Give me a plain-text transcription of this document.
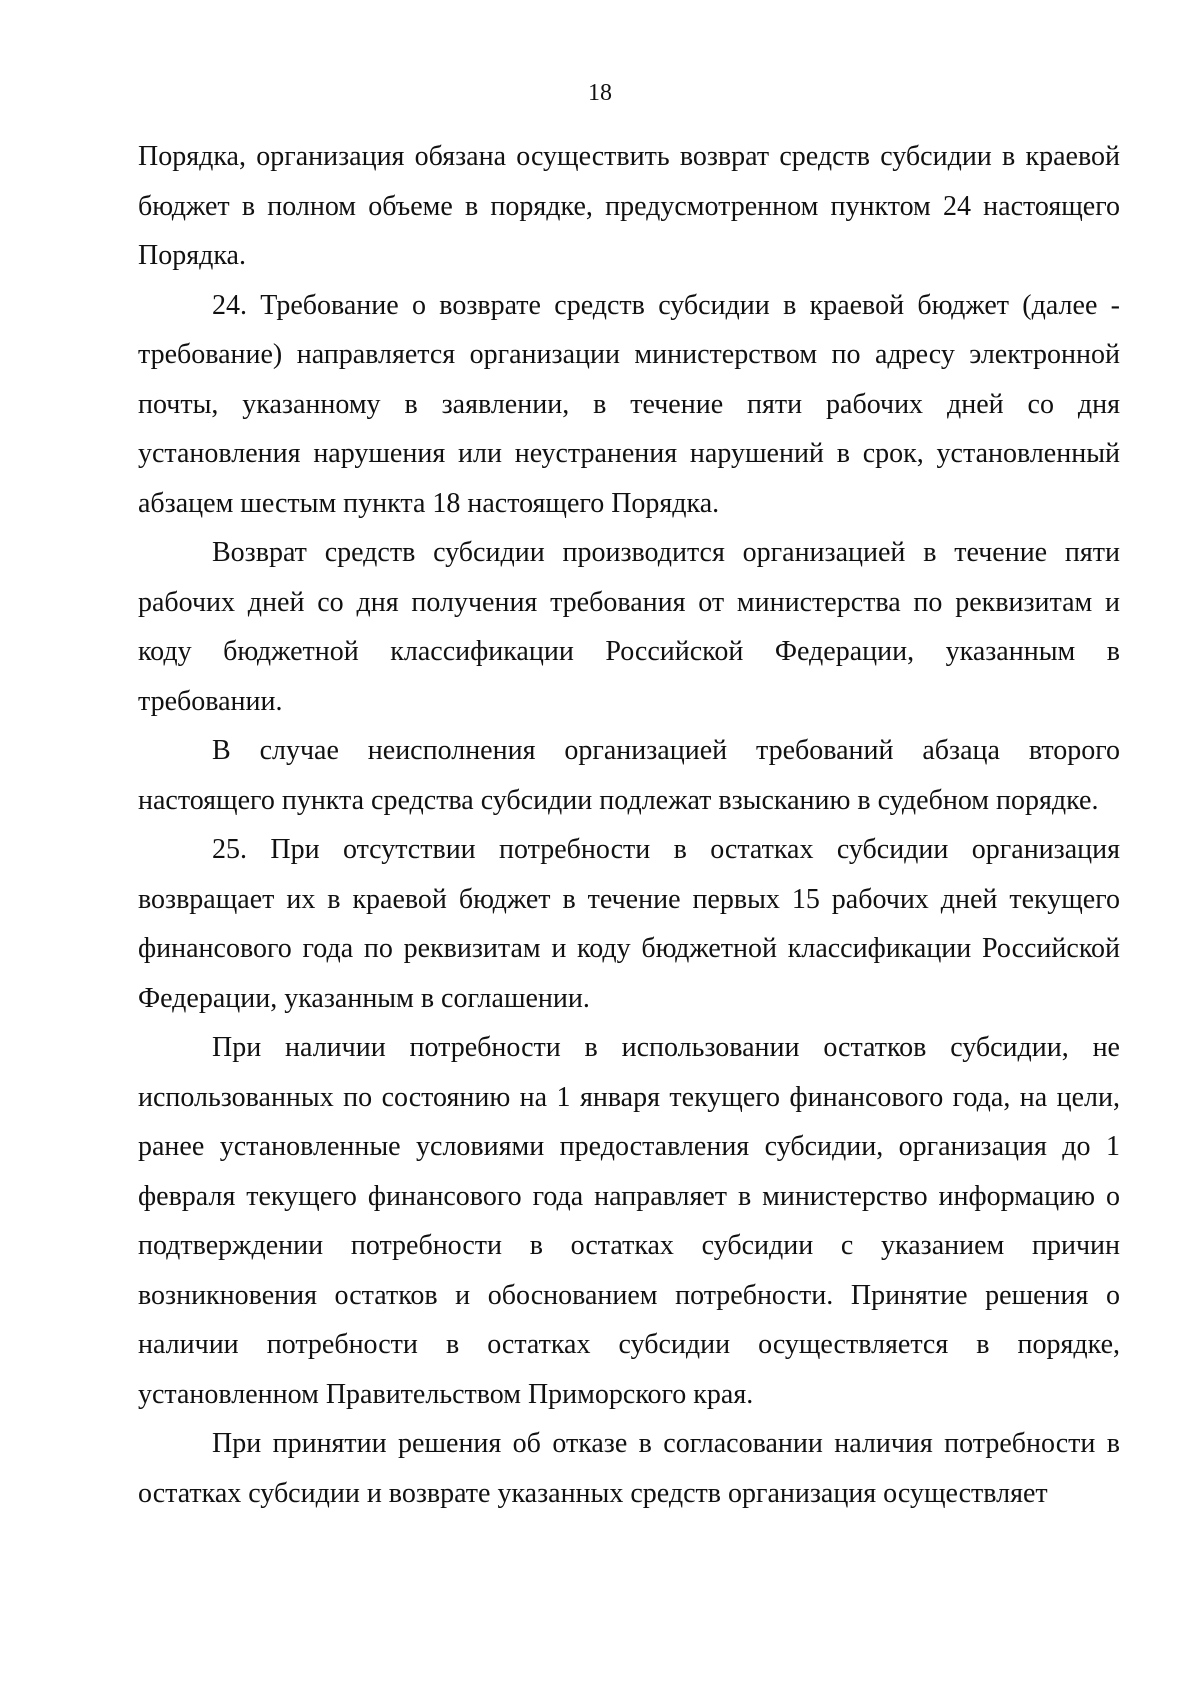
18

Порядка, организация обязана осуществить возврат средств субсидии в краевой бюджет в полном объеме в порядке, предусмотренном пунктом 24 настоящего Порядка.

24. Требование о возврате средств субсидии в краевой бюджет (далее - требование) направляется организации министерством по адресу электронной почты, указанному в заявлении, в течение пяти рабочих дней со дня установления нарушения или неустранения нарушений в срок, установленный абзацем шестым пункта 18 настоящего Порядка.

Возврат средств субсидии производится организацией в течение пяти рабочих дней со дня получения требования от министерства по реквизитам и коду бюджетной классификации Российской Федерации, указанным в требовании.

В случае неисполнения организацией требований абзаца второго настоящего пункта средства субсидии подлежат взысканию в судебном порядке.

25. При отсутствии потребности в остатках субсидии организация возвращает их в краевой бюджет в течение первых 15 рабочих дней текущего финансового года по реквизитам и коду бюджетной классификации Российской Федерации, указанным в соглашении.

При наличии потребности в использовании остатков субсидии, не использованных по состоянию на 1 января текущего финансового года, на цели, ранее установленные условиями предоставления субсидии, организация до 1 февраля текущего финансового года направляет в министерство информацию о подтверждении потребности в остатках субсидии с указанием причин возникновения остатков и обоснованием потребности. Принятие решения о наличии потребности в остатках субсидии осуществляется в порядке, установленном Правительством Приморского края.

При принятии решения об отказе в согласовании наличия потребности в остатках субсидии и возврате указанных средств организация осуществляет
